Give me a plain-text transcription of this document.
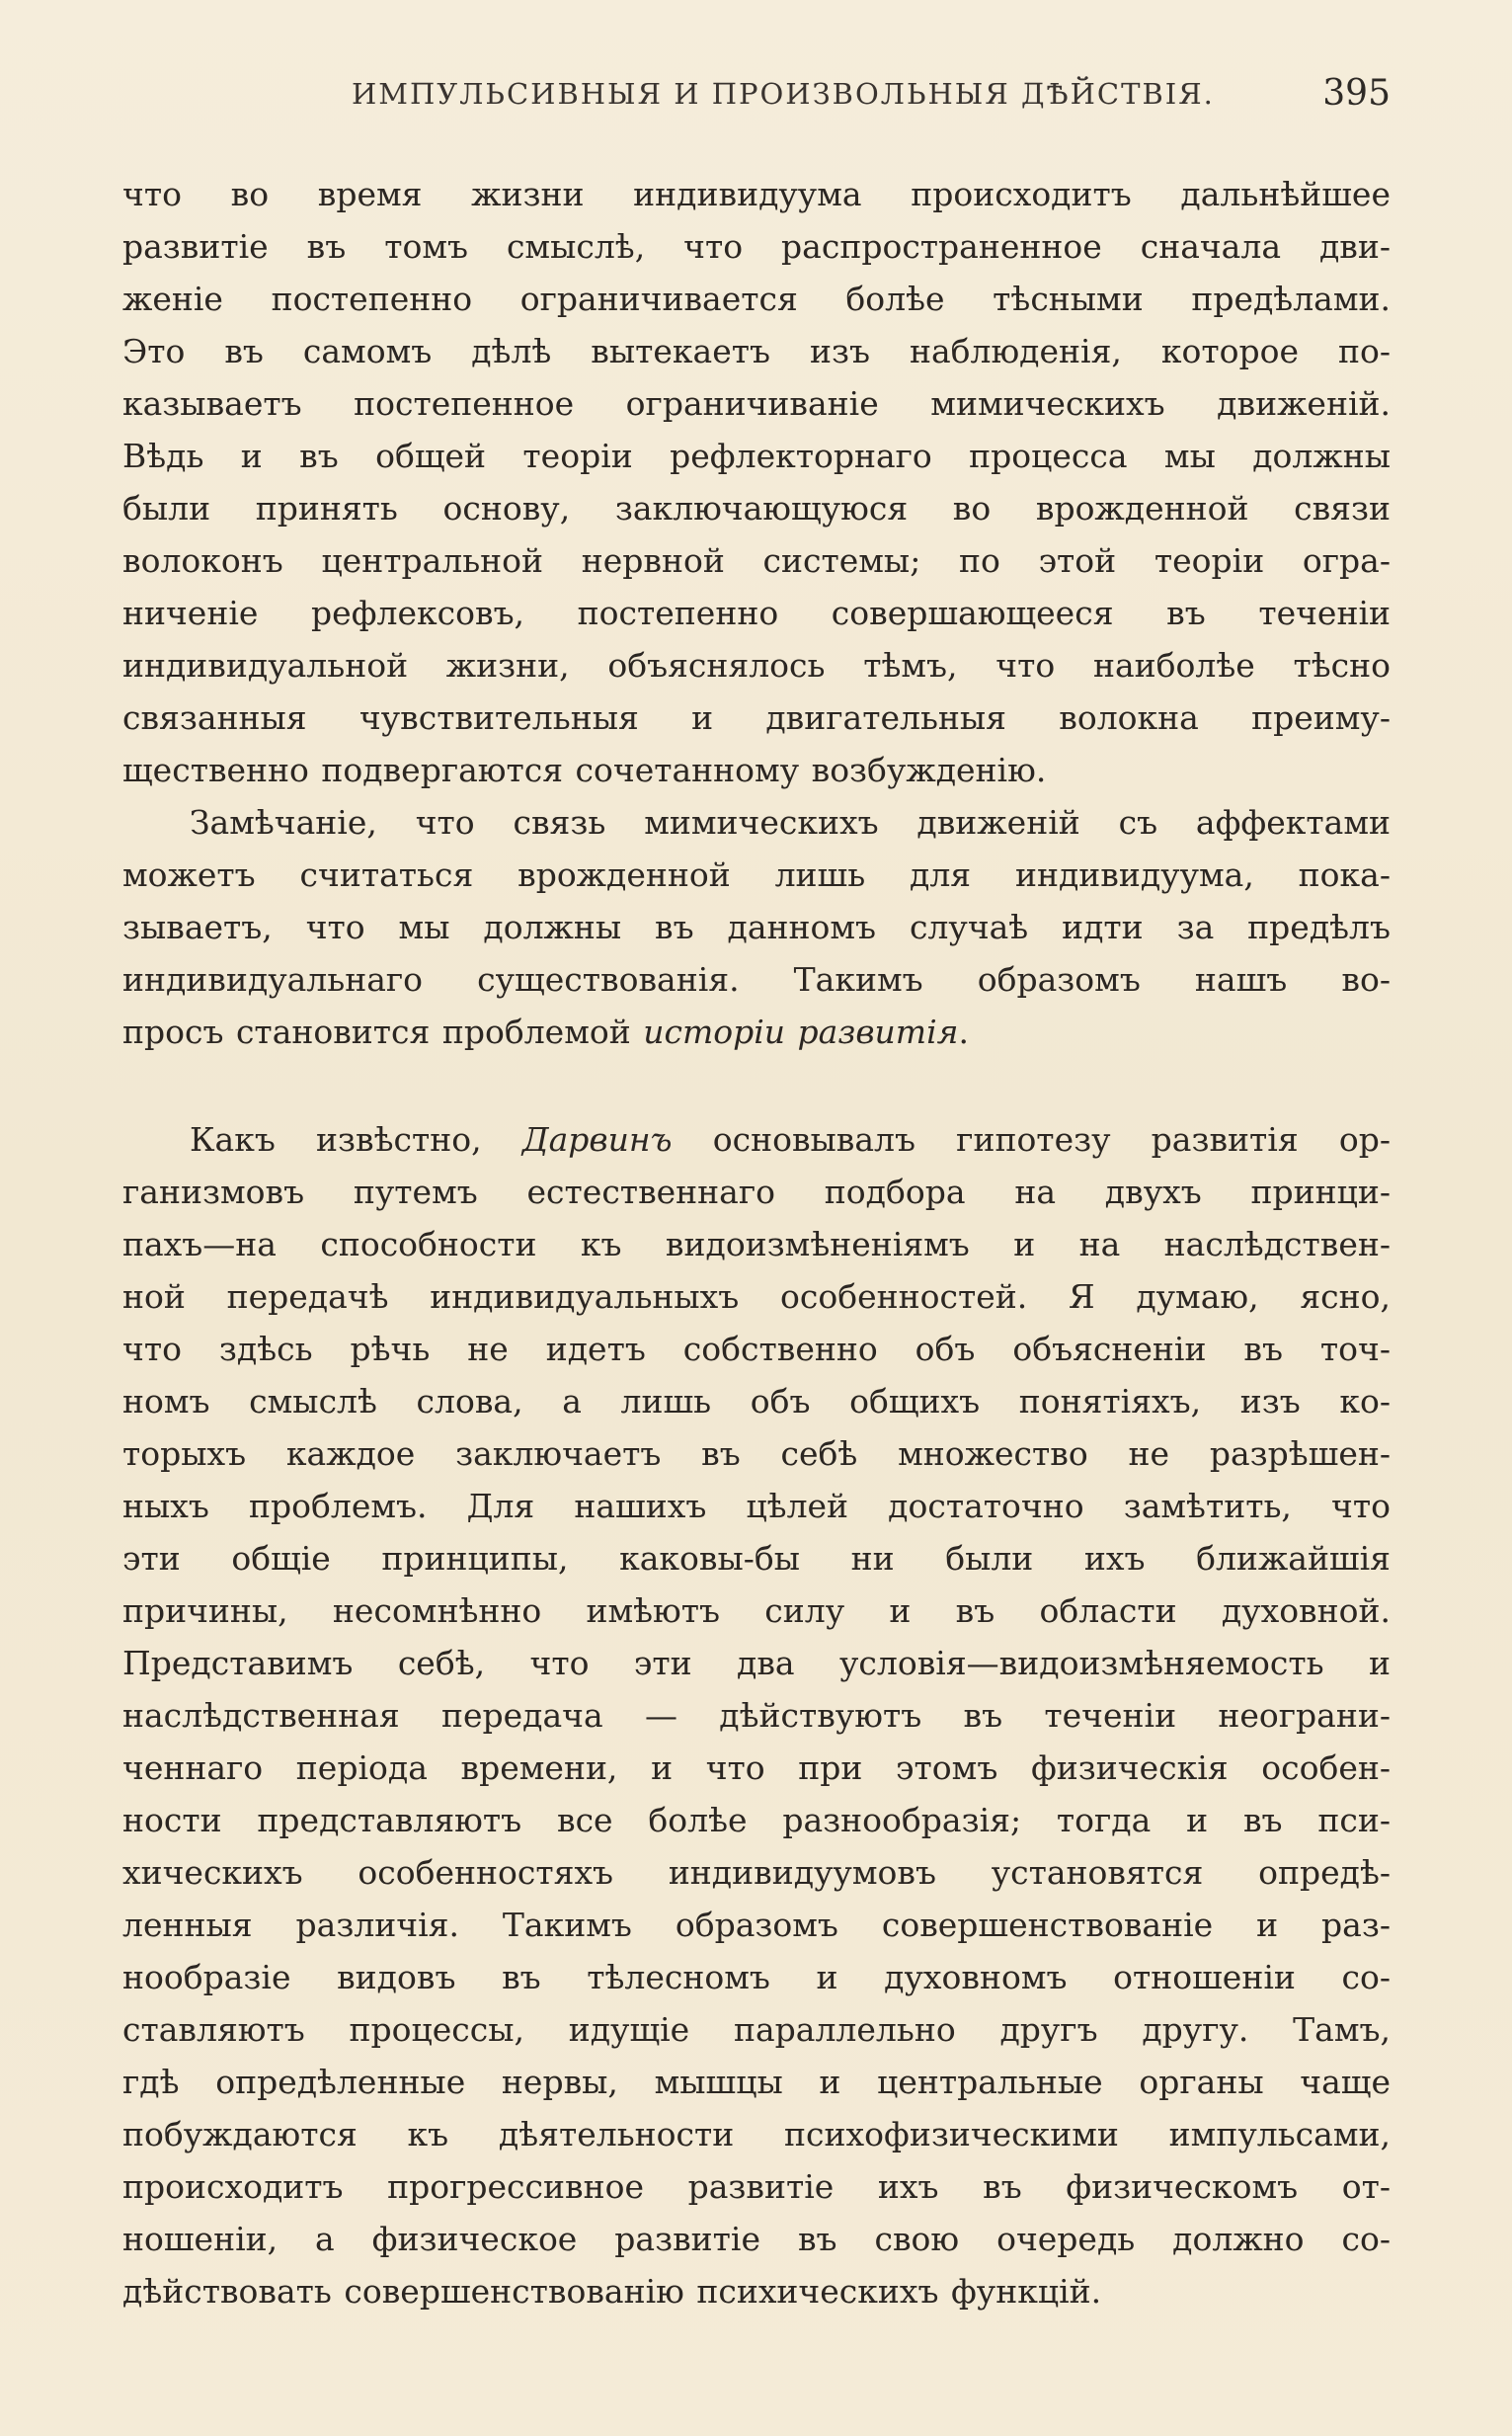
ИМПУЛЬСИВНЫЯ И ПРОИЗВОЛЬНЫЯ ДѢЙСТВІЯ.	395
что во время жизни индивидуума происходитъ дальнѣйшее
развитіе въ томъ смыслѣ, что распространенное сначала дви-
женіе постепенно ограничивается болѣе тѣсными предѣлами.
Это въ самомъ дѣлѣ вытекаетъ изъ наблюденія, которое по-
казываетъ постепенное ограничиваніе мимическихъ движеній.
Вѣдь и въ общей теоріи рефлекторнаго процесса мы должны
были принять основу, заключающуюся во врожденной связи
волоконъ центральной нервной системы; по этой теоріи огра-
ниченіе рефлексовъ, постепенно совершающееся въ теченіи
индивидуальной жизни, объяснялось тѣмъ, что наиболѣе тѣсно
связанныя чувствительныя и двигательныя волокна преиму-
щественно подвергаются сочетанному возбужденію.
Замѣчаніе, что связь мимическихъ движеній съ аффектами
можетъ считаться врожденной лишь для индивидуума, пока-
зываетъ, что мы должны въ данномъ случаѣ идти за предѣлъ
индивидуальнаго существованія. Такимъ образомъ нашъ во-
просъ становится проблемой исторіи развитія.
Какъ извѣстно, Дарвинъ основывалъ гипотезу развитія ор-
ганизмовъ путемъ естественнаго подбора на двухъ принци-
пахъ—на способности къ видоизмѣненіямъ и на наслѣдствен-
ной передачѣ индивидуальныхъ особенностей. Я думаю, ясно,
что здѣсь рѣчь не идетъ собственно объ объясненіи въ точ-
номъ смыслѣ слова, а лишь объ общихъ понятіяхъ, изъ ко-
торыхъ каждое заключаетъ въ себѣ множество не разрѣшен-
ныхъ проблемъ. Для нашихъ цѣлей достаточно замѣтить, что
эти общіе принципы, каковы-бы ни были ихъ ближайшія
причины, несомнѣнно имѣютъ силу и въ области духовной.
Представимъ себѣ, что эти два условія—видоизмѣняемость и
наслѣдственная передача — дѣйствуютъ въ теченіи неограни-
ченнаго періода времени, и что при этомъ физическія особен-
ности представляютъ все болѣе разнообразія; тогда и въ пси-
хическихъ особенностяхъ индивидуумовъ установятся опредѣ-
ленныя различія. Такимъ образомъ совершенствованіе и раз-
нообразіе видовъ въ тѣлесномъ и духовномъ отношеніи со-
ставляютъ процессы, идущіе параллельно другъ другу. Тамъ,
гдѣ опредѣленные нервы, мышцы и центральные органы чаще
побуждаются къ дѣятельности психофизическими импульсами,
происходитъ прогрессивное развитіе ихъ въ физическомъ от-
ношеніи, а физическое развитіе въ свою очередь должно со-
дѣйствовать совершенствованію психическихъ функцій.
